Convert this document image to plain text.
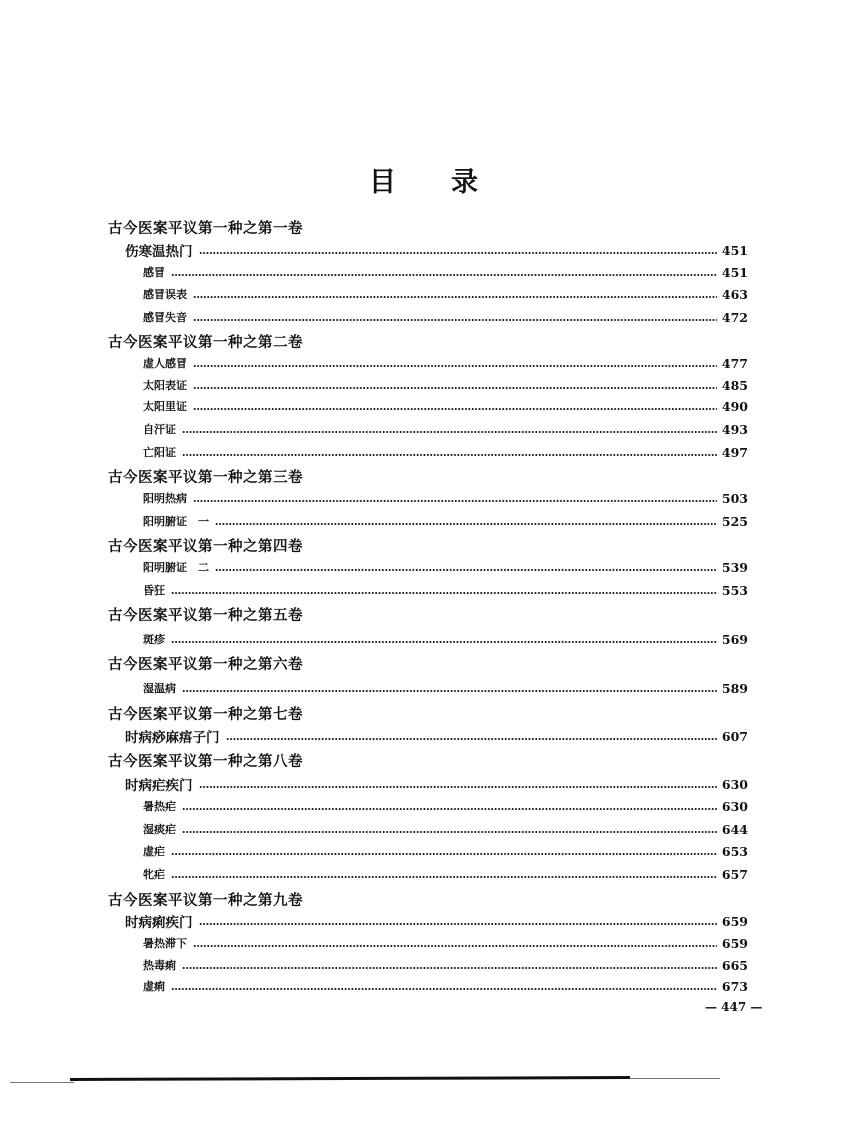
目 录
古今医案平议第一种之第一卷
伤寒温热门	451
感冒	451
感冒误表	463
感冒失音	472
古今医案平议第一种之第二卷
虚人感冒	477
太阳表证	485
太阳里证	490
自汗证	493
亡阳证	497
古今医案平议第一种之第三卷
阳明热病	503
阳明腑证　一	525
古今医案平议第一种之第四卷
阳明腑证　二	539
昏狂	553
古今医案平议第一种之第五卷
斑疹	569
古今医案平议第一种之第六卷
湿温病	589
古今医案平议第一种之第七卷
时病痧麻痦子门	607
古今医案平议第一种之第八卷
时病疟疾门	630
暑热疟	630
湿痰疟	644
虚疟	653
牝疟	657
古今医案平议第一种之第九卷
时病痢疾门	659
暑热滞下	659
热毒痢	665
虚痢	673
— 447 —
